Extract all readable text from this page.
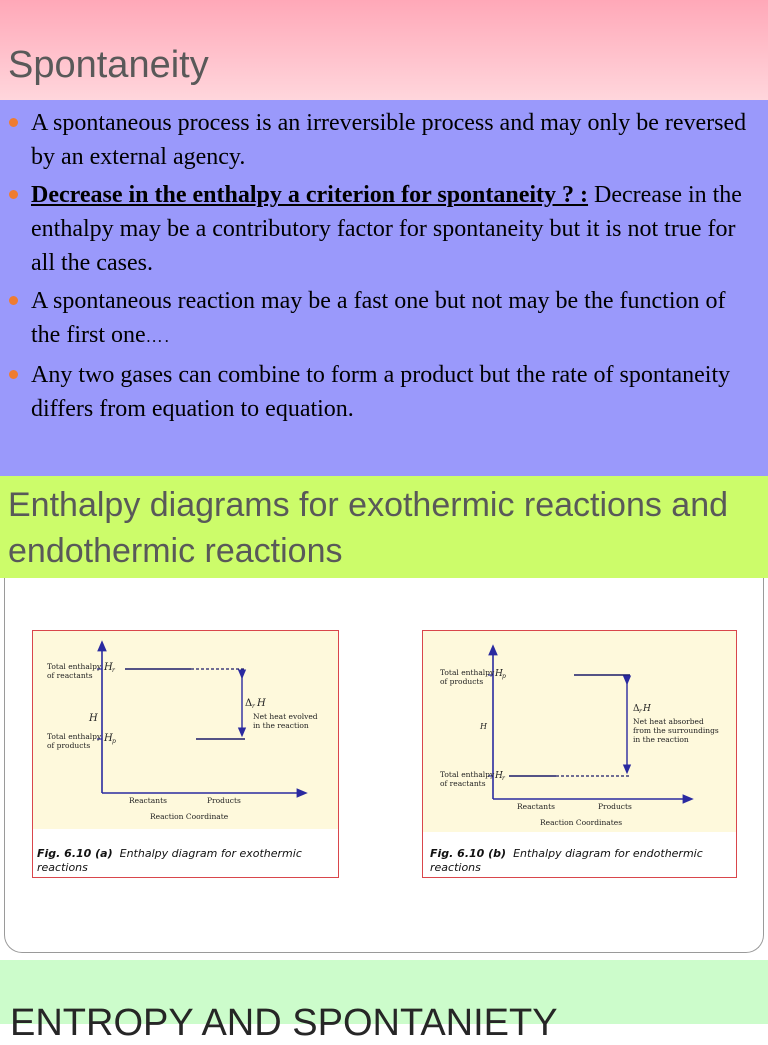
Spontaneity
A spontaneous process is an irreversible process and may only be reversed by an external agency.
Decrease in the enthalpy a criterion for spontaneity ? : Decrease in the enthalpy may be a contributory factor for spontaneity but it is not true for all the cases.
A spontaneous reaction may be a fast one but not may be the function of the first one….
Any two gases can combine to form a product but the rate of spontaneity differs from equation to equation.
Enthalpy diagrams for exothermic reactions and endothermic reactions
Total enthalpy
of reactants
H r
H
Total enthalpy
of products
H p
Δ r H
Net heat evolved
in the reaction
Reactants	Products
Reaction Coordinate
Fig. 6.10 (a) Enthalpy diagram for exothermic reactions
Total enthalpy
of products
H p
H
Total enthalpy
of reactants
H r
Δ r H
Net heat absorbed
from the surroundings
in the reaction
Reactants	Products
Reaction Coordinates
Fig. 6.10 (b) Enthalpy diagram for endothermic reactions
ENTROPY AND SPONTANIETY
